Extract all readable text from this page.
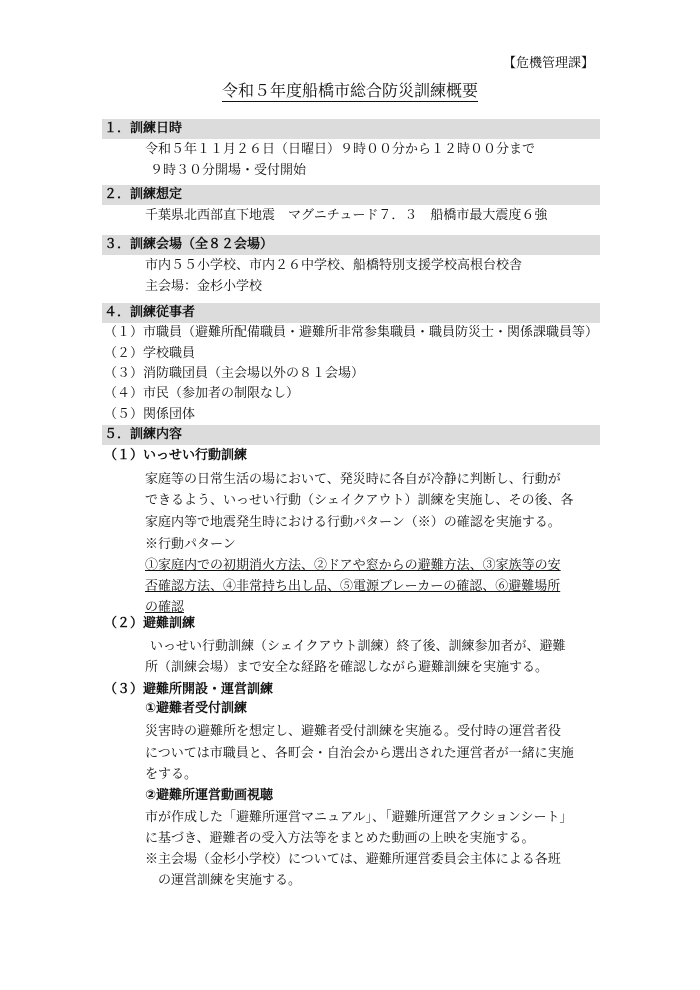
【危機管理課】
令和５年度船橋市総合防災訓練概要
１．訓練日時
令和５年１１月２６日（日曜日）９時００分から１２時００分まで
９時３０分開場・受付開始
２．訓練想定
千葉県北西部直下地震　マグニチュード７．３　船橋市最大震度６強
３．訓練会場（全８２会場）
市内５５小学校、市内２６中学校、船橋特別支援学校高根台校舎
主会場：金杉小学校
４．訓練従事者
（１）市職員（避難所配備職員・避難所非常参集職員・職員防災士・関係課職員等）
（２）学校職員
（３）消防職団員（主会場以外の８１会場）
（４）市民（参加者の制限なし）
（５）関係団体
５．訓練内容
（１）いっせい行動訓練
家庭等の日常生活の場において、発災時に各自が冷静に判断し、行動が
できるよう、いっせい行動（シェイクアウト）訓練を実施し、その後、各
家庭内等で地震発生時における行動パターン（※）の確認を実施する。
※行動パターン
①家庭内での初期消火方法、②ドアや窓からの避難方法、③家族等の安
否確認方法、④非常持ち出し品、⑤電源ブレーカーの確認、⑥避難場所
の確認
（２）避難訓練
いっせい行動訓練（シェイクアウト訓練）終了後、訓練参加者が、避難
所（訓練会場）まで安全な経路を確認しながら避難訓練を実施する。
（３）避難所開設・運営訓練
①避難者受付訓練
災害時の避難所を想定し、避難者受付訓練を実施る。受付時の運営者役
については市職員と、各町会・自治会から選出された運営者が一緒に実施
をする。
②避難所運営動画視聴
市が作成した「避難所運営マニュアル」、「避難所運営アクションシート」
に基づき、避難者の受入方法等をまとめた動画の上映を実施する。
※主会場（金杉小学校）については、避難所運営委員会主体による各班
の運営訓練を実施する。
